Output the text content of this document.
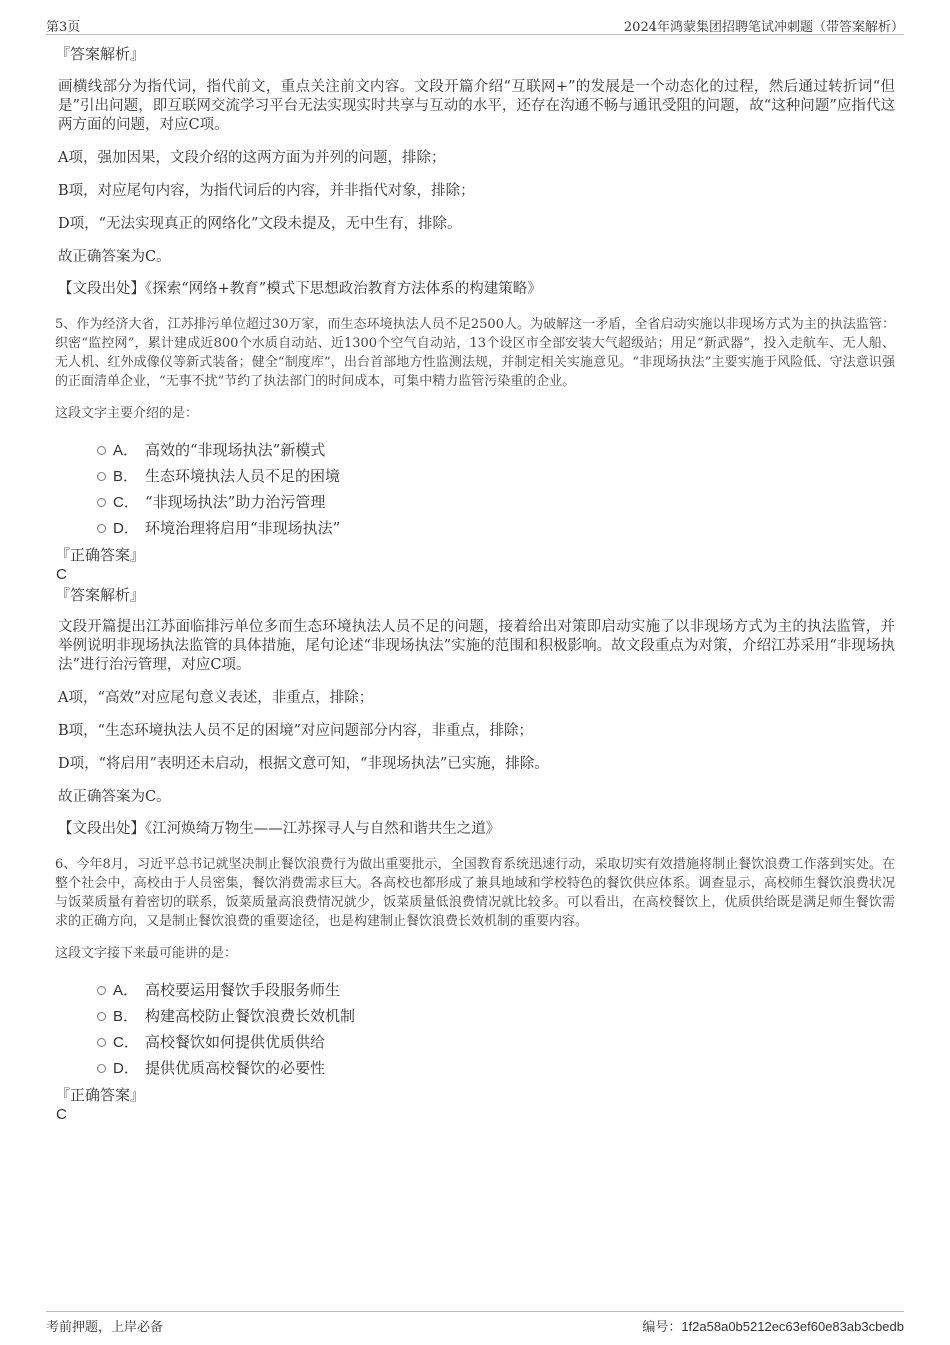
第3页	2024年鸿蒙集团招聘笔试冲刺题（带答案解析）

『答案解析』

画横线部分为指代词，指代前文，重点关注前文内容。文段开篇介绍“互联网+”的发展是一个动态化的过程，然后通过转折词“但是”引出问题，即互联网交流学习平台无法实现实时共享与互动的水平，还存在沟通不畅与通讯受阻的问题，故“这种问题”应指代这两方面的问题，对应C项。

A项，强加因果，文段介绍的这两方面为并列的问题，排除；

B项，对应尾句内容，为指代词后的内容，并非指代对象，排除；

D项，“无法实现真正的网络化”文段未提及，无中生有，排除。

故正确答案为C。

【文段出处】《探索“网络+教育”模式下思想政治教育方法体系的构建策略》

5、作为经济大省，江苏排污单位超过30万家，而生态环境执法人员不足2500人。为破解这一矛盾，全省启动实施以非现场方式为主的执法监管：织密“监控网”，累计建成近800个水质自动站、近1300个空气自动站，13个设区市全部安装大气超级站；用足“新武器”，投入走航车、无人船、无人机、红外成像仪等新式装备；健全“制度库”，出台首部地方性监测法规，并制定相关实施意见。“非现场执法”主要实施于风险低、守法意识强的正面清单企业，“无事不扰”节约了执法部门的时间成本，可集中精力监管污染重的企业。

这段文字主要介绍的是：

A． 高效的“非现场执法”新模式
B． 生态环境执法人员不足的困境
C． “非现场执法”助力治污管理
D． 环境治理将启用“非现场执法”

『正确答案』

C

『答案解析』

文段开篇提出江苏面临排污单位多而生态环境执法人员不足的问题，接着给出对策即启动实施了以非现场方式为主的执法监管，并举例说明非现场执法监管的具体措施，尾句论述“非现场执法”实施的范围和积极影响。故文段重点为对策，介绍江苏采用“非现场执法”进行治污管理，对应C项。

A项，“高效”对应尾句意义表述，非重点，排除；

B项，“生态环境执法人员不足的困境”对应问题部分内容，非重点，排除；

D项，“将启用”表明还未启动，根据文意可知，“非现场执法”已实施，排除。

故正确答案为C。

【文段出处】《江河焕绮万物生——江苏探寻人与自然和谐共生之道》

6、今年8月，习近平总书记就坚决制止餐饮浪费行为做出重要批示，全国教育系统迅速行动，采取切实有效措施将制止餐饮浪费工作落到实处。在整个社会中，高校由于人员密集，餐饮消费需求巨大。各高校也都形成了兼具地域和学校特色的餐饮供应体系。调查显示，高校师生餐饮浪费状况与饭菜质量有着密切的联系，饭菜质量高浪费情况就少，饭菜质量低浪费情况就比较多。可以看出，在高校餐饮上，优质供给既是满足师生餐饮需求的正确方向，又是制止餐饮浪费的重要途径，也是构建制止餐饮浪费长效机制的重要内容。

这段文字接下来最可能讲的是：

A． 高校要运用餐饮手段服务师生
B． 构建高校防止餐饮浪费长效机制
C． 高校餐饮如何提供优质供给
D． 提供优质高校餐饮的必要性

『正确答案』

C

考前押题，上岸必备	编号：1f2a58a0b5212ec63ef60e83ab3cbedb
